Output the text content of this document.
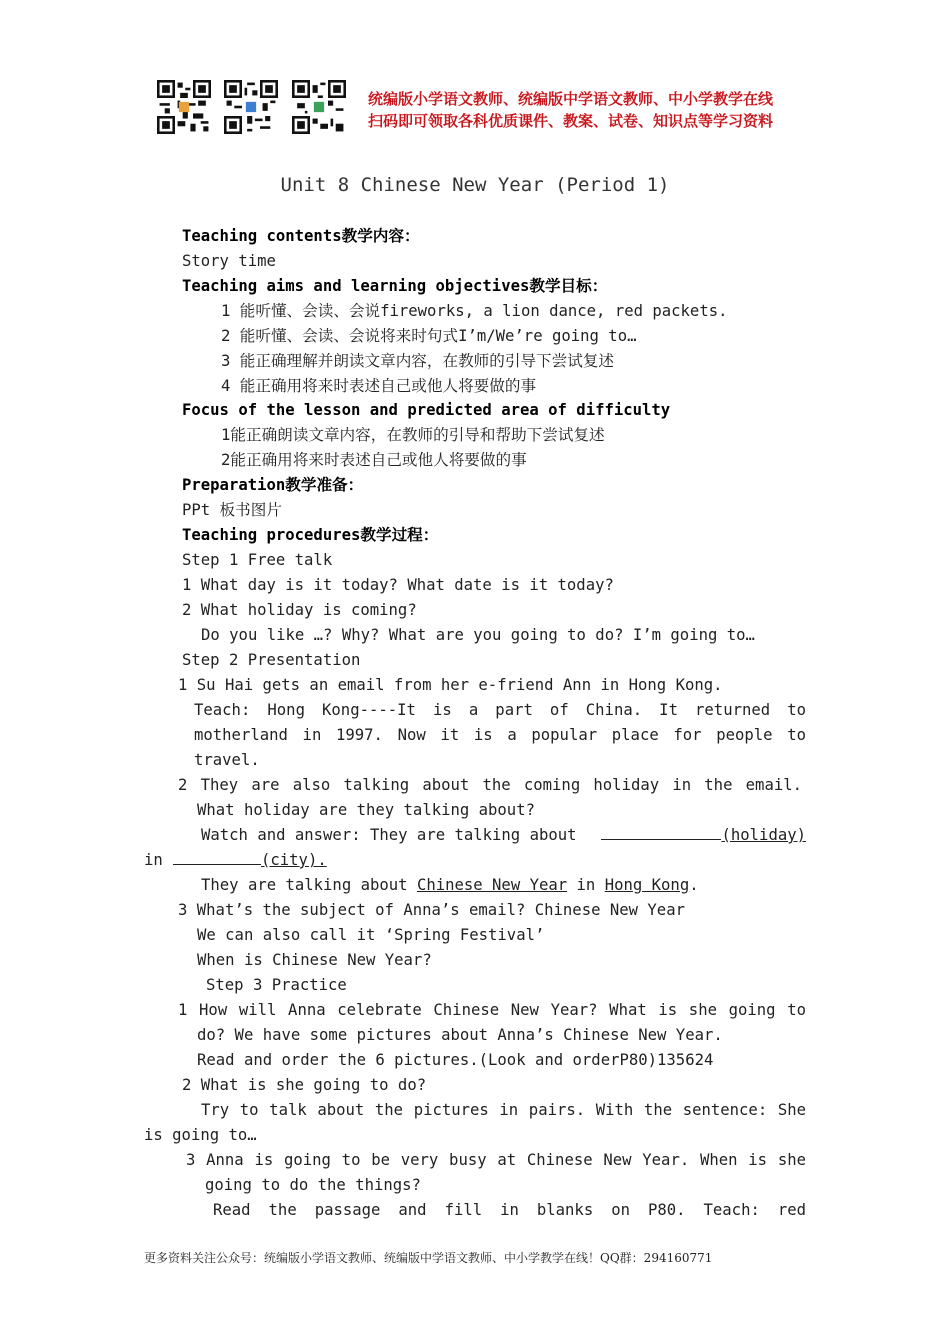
统编版小学语文教师、统编版中学语文教师、中小学教学在线
扫码即可领取各科优质课件、教案、试卷、知识点等学习资料
Unit 8 Chinese New Year (Period 1)
Teaching contents教学内容：
Story time
Teaching aims and learning objectives教学目标：
1 能听懂、会读、会说fireworks, a lion dance, red packets.
2 能听懂、会读、会说将来时句式I’m/We’re going to…
3 能正确理解并朗读文章内容，在教师的引导下尝试复述
4 能正确用将来时表述自己或他人将要做的事
Focus of the lesson and predicted area of difficulty
1能正确朗读文章内容，在教师的引导和帮助下尝试复述
2能正确用将来时表述自己或他人将要做的事
Preparation教学准备：
PPt 板书图片
Teaching procedures教学过程：
Step 1 Free talk
1 What day is it today? What date is it today?
2 What holiday is coming?
Do you like …? Why? What are you going to do? I’m going to…
Step 2 Presentation
1 Su Hai gets an email from her e-friend Ann in Hong Kong.
Teach: Hong Kong----It is a part of China. It returned to
motherland in 1997. Now it is a popular place for people to
travel.
2 They are also talking about the coming holiday in the email.
What holiday are they talking about?
Watch and answer: They are talking about	(holiday)
in	(city).
They are talking about Chinese New Year in Hong Kong.
3 What’s the subject of Anna’s email? Chinese New Year
We can also call it ‘Spring Festival’
When is Chinese New Year?
Step 3 Practice
1 How will Anna celebrate Chinese New Year? What is she going to
do? We have some pictures about Anna’s Chinese New Year.
Read and order the 6 pictures.(Look and orderP80)135624
2 What is she going to do?
Try to talk about the pictures in pairs. With the sentence: She
is going to…
3 Anna is going to be very busy at Chinese New Year. When is she
going to do the things?
Read the passage and fill in blanks on P80. Teach: red
更多资料关注公众号：统编版小学语文教师、统编版中学语文教师、中小学教学在线！QQ群：294160771
